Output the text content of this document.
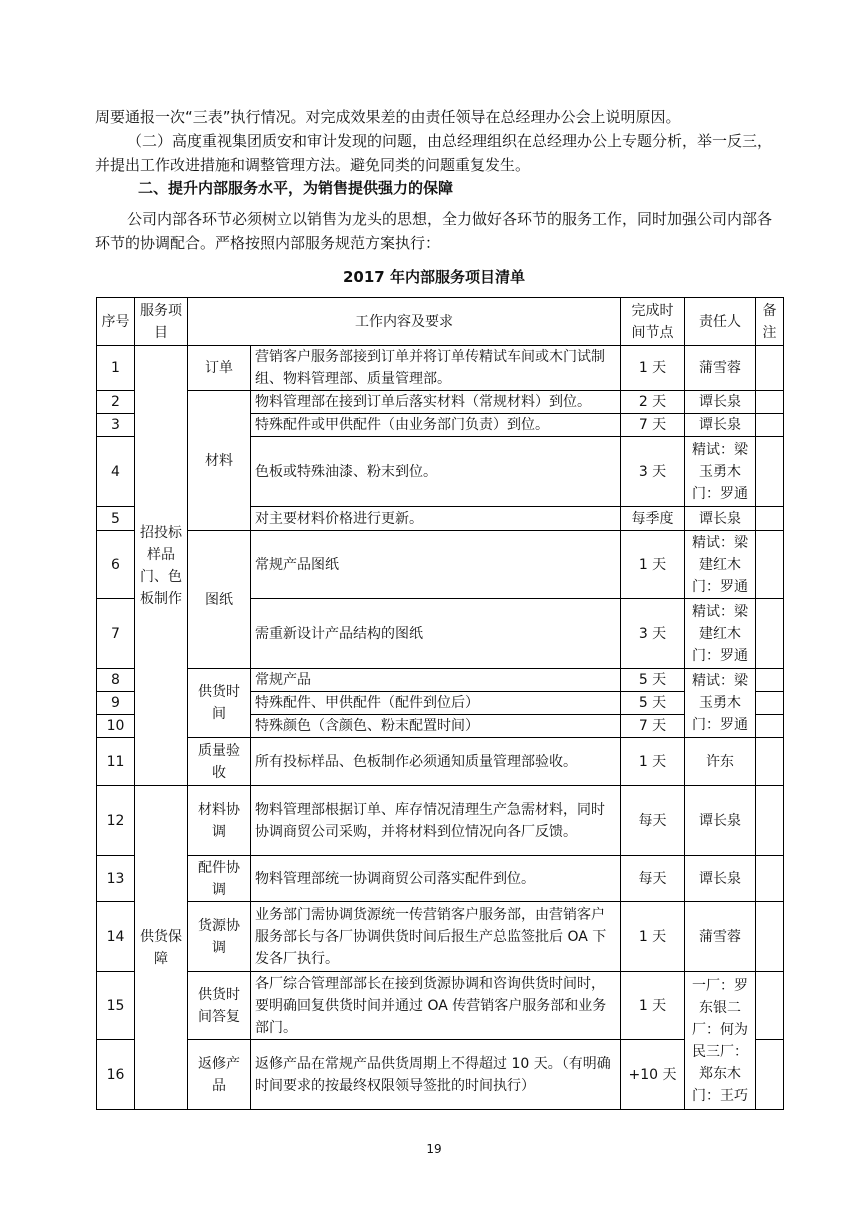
周要通报一次“三表”执行情况。对完成效果差的由责任领导在总经理办公会上说明原因。

（二）高度重视集团质安和审计发现的问题，由总经理组织在总经理办公上专题分析，举一反三，并提出工作改进措施和调整管理方法。避免同类的问题重复发生。

二、提升内部服务水平，为销售提供强力的保障

公司内部各环节必须树立以销售为龙头的思想，全力做好各环节的服务工作，同时加强公司内部各环节的协调配合。严格按照内部服务规范方案执行：

2017 年内部服务项目清单

序号	服务项目	工作内容及要求		完成时间节点	责任人	备注
1	招投标样品门、色板制作	订单	营销客户服务部接到订单并将订单传精试车间或木门试制组、物料管理部、质量管理部。	1 天	蒲雪蓉	
2		材料	物料管理部在接到订单后落实材料（常规材料）到位。	2 天	谭长泉	
3			特殊配件或甲供配件（由业务部门负责）到位。	7 天	谭长泉	
4			色板或特殊油漆、粉末到位。	3 天	精试：梁玉勇木门：罗通	
5			对主要材料价格进行更新。	每季度	谭长泉	
6		图纸	常规产品图纸	1 天	精试：梁建红木门：罗通	
7			需重新设计产品结构的图纸	3 天	精试：梁建红木门：罗通	
8		供货时间	常规产品	5 天	精试：梁玉勇木门：罗通	
9			特殊配件、甲供配件（配件到位后）	5 天		
10			特殊颜色（含颜色、粉末配置时间）	7 天		
11		质量验收	所有投标样品、色板制作必须通知质量管理部验收。	1 天	许东	
12	供货保障	材料协调	物料管理部根据订单、库存情况清理生产急需材料，同时协调商贸公司采购，并将材料到位情况向各厂反馈。	每天	谭长泉	
13		配件协调	物料管理部统一协调商贸公司落实配件到位。	每天	谭长泉	
14		货源协调	业务部门需协调货源统一传营销客户服务部，由营销客户服务部长与各厂协调供货时间后报生产总监签批后 OA 下发各厂执行。	1 天	蒲雪蓉	
15		供货时间答复	各厂综合管理部部长在接到货源协调和咨询供货时间时，要明确回复供货时间并通过 OA 传营销客户服务部和业务部门。	1 天	一厂：罗东银二厂：何为民三厂：郑东木门：王巧	
16		返修产品	返修产品在常规产品供货周期上不得超过 10 天。（有明确时间要求的按最终权限领导签批的时间执行）	+10 天		

19
